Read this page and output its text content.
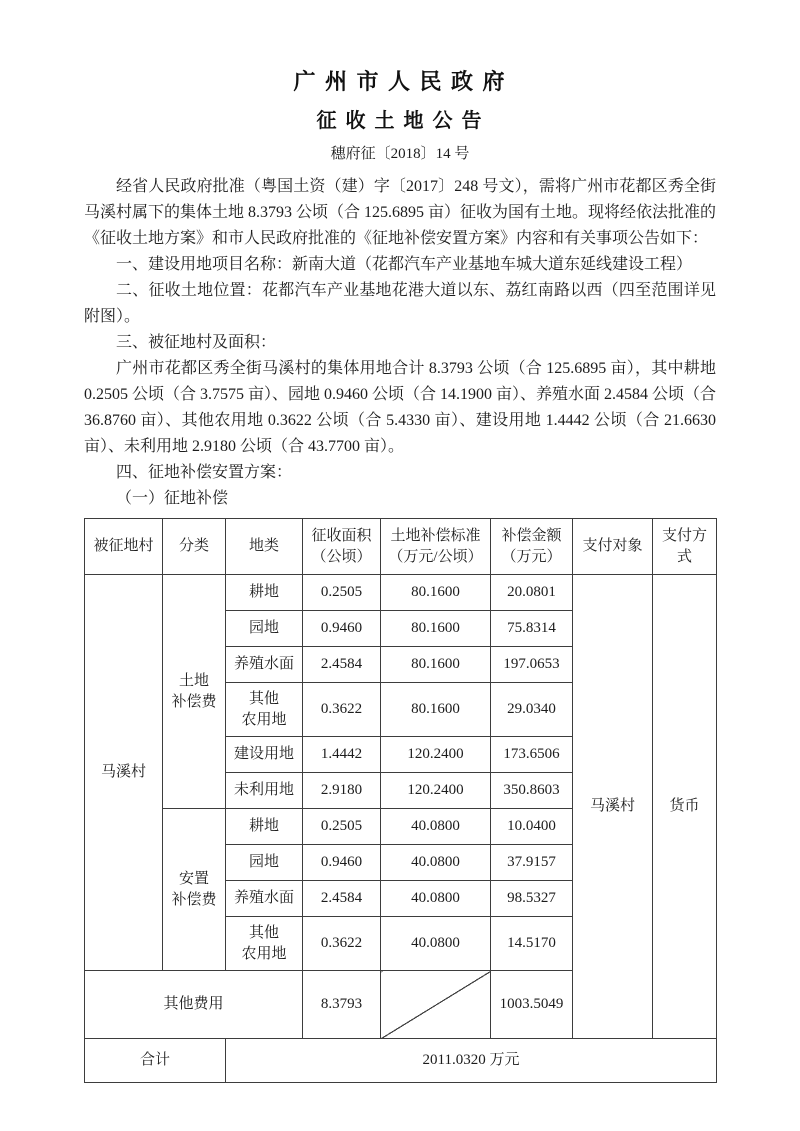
广 州 市 人 民 政 府
征 收 土 地 公 告
穗府征〔2018〕14 号

经省人民政府批准（粤国土资（建）字〔2017〕248 号文），需将广州市花都区秀全街马溪村属下的集体土地 8.3793 公顷（合 125.6895 亩）征收为国有土地。现将经依法批准的《征收土地方案》和市人民政府批准的《征地补偿安置方案》内容和有关事项公告如下：

一、建设用地项目名称：新南大道（花都汽车产业基地车城大道东延线建设工程）

二、征收土地位置：花都汽车产业基地花港大道以东、荔红南路以西（四至范围详见附图）。

三、被征地村及面积：

广州市花都区秀全街马溪村的集体用地合计 8.3793 公顷（合 125.6895 亩），其中耕地 0.2505 公顷（合 3.7575 亩）、园地 0.9460 公顷（合 14.1900 亩）、养殖水面 2.4584 公顷（合 36.8760 亩）、其他农用地 0.3622 公顷（合 5.4330 亩）、建设用地 1.4442 公顷（合 21.6630 亩）、未利用地 2.9180 公顷（合 43.7700 亩）。

四、征地补偿安置方案：

（一）征地补偿

被征地村	分类	地类	征收面积
（公顷）	土地补偿标准
（万元/公顷）	补偿金额
（万元）	支付对象	支付方式

马溪村	土地
补偿费	耕地	0.2505	80.1600	20.0801	马溪村	货币

		园地	0.9460	80.1600	75.8314		

		养殖水面	2.4584	80.1600	197.0653		

		其他
农用地	0.3622	80.1600	29.0340		

		建设用地	1.4442	120.2400	173.6506		

		未利用地	2.9180	120.2400	350.8603		

	安置
补偿费	耕地	0.2505	40.0800	10.0400		

		园地	0.9460	40.0800	37.9157		

		养殖水面	2.4584	40.0800	98.5327		

		其他
农用地	0.3622	40.0800	14.5170		
其他费用			8.3793		1003.5049		
合计		2011.0320 万元					
